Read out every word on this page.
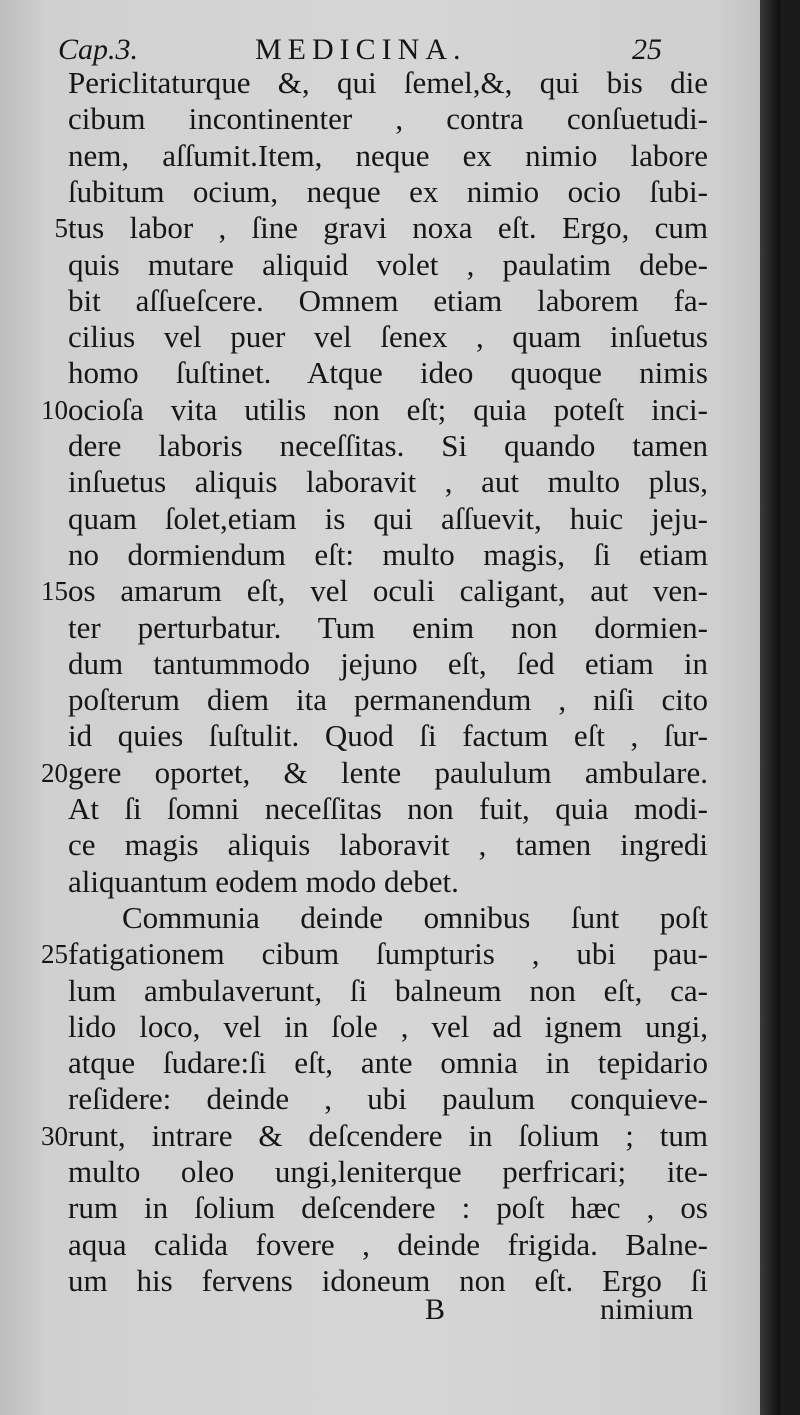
Cap.3.	MEDICINA.	25
Periclitaturque &, qui ſemel,&, qui bis die
cibum incontinenter , contra conſuetudi-
nem, aſſumit.Item, neque ex nimio labore
ſubitum ocium, neque ex nimio ocio ſubi-
5 tus labor , ſine gravi noxa eſt. Ergo, cum
quis mutare aliquid volet , paulatim debe-
bit aſſueſcere. Omnem etiam laborem fa-
cilius vel puer vel ſenex , quam inſuetus
homo ſuſtinet. Atque ideo quoque nimis
10 ocioſa vita utilis non eſt; quia poteſt inci-
dere laboris neceſſitas. Si quando tamen
inſuetus aliquis laboravit , aut multo plus,
quam ſolet,etiam is qui aſſuevit, huic jeju-
no dormiendum eſt: multo magis, ſi etiam
15 os amarum eſt, vel oculi caligant, aut ven-
ter perturbatur. Tum enim non dormien-
dum tantummodo jejuno eſt, ſed etiam in
poſterum diem ita permanendum , niſi cito
id quies ſuſtulit. Quod ſi factum eſt , ſur-
20 gere oportet, & lente paululum ambulare.
At ſi ſomni neceſſitas non fuit, quia modi-
ce magis aliquis laboravit , tamen ingredi
aliquantum eodem modo debet.
Communia deinde omnibus ſunt poſt
25 fatigationem cibum ſumpturis , ubi pau-
lum ambulaverunt, ſi balneum non eſt, ca-
lido loco, vel in ſole , vel ad ignem ungi,
atque ſudare:ſi eſt, ante omnia in tepidario
reſidere: deinde , ubi paulum conquieve-
30 runt, intrare & deſcendere in ſolium ; tum
multo oleo ungi,leniterque perfricari; ite-
rum in ſolium deſcendere : poſt hæc , os
aqua calida fovere , deinde frigida. Balne-
um his fervens idoneum non eſt. Ergo ſi
B	nimium
